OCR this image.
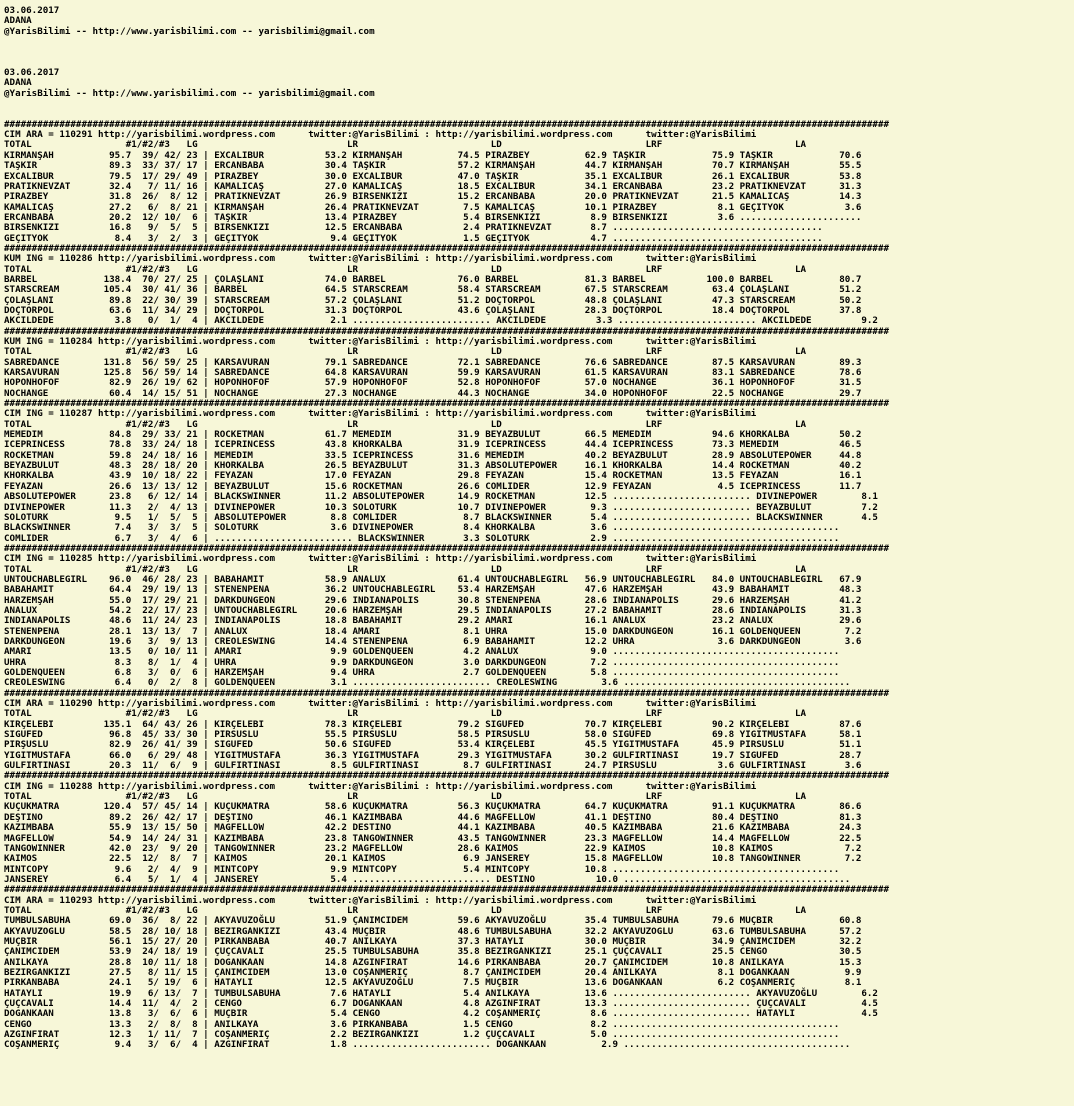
03.06.2017
ADANA
@YarisBilimi -- http://www.yarisbilimi.com -- yarisbilimi@gmail.com
03.06.2017
ADANA
@YarisBilimi -- http://www.yarisbilimi.com -- yarisbilimi@gmail.com
################################################################################################################################################################
CIM ARA = 110291 http://yarisbilimi.wordpress.com      twitter:@YarisBilimi : http://yarisbilimi.wordpress.com      twitter:@YarisBilimi
TOTAL                 #1/#2/#3   LG                           LR                        LD                          LRF                        LA
KIRMANŞAH          95.7  39/ 42/ 23 | EXCALIBUR           53.2 KIRMANŞAH          74.5 PIRAZBEY          62.9 TAŞKIR            75.9 TAŞKIR            70.6
TAŞKIR             89.3  33/ 37/ 17 | ERCANBABA           30.4 TAŞKIR             57.2 KIRMANŞAH         44.7 KIRMANŞAH         70.7 KIRMANŞAH         55.5
EXCALIBUR          79.5  17/ 29/ 49 | PIRAZBEY            30.0 EXCALIBUR          47.0 TAŞKIR            35.1 EXCALIBUR         26.1 EXCALIBUR         53.8
PRATIKNEVZAT       32.4   7/ 11/ 16 | KAMALICAŞ           27.0 KAMALICAŞ          18.5 EXCALIBUR         34.1 ERCANBABA         23.2 PRATIKNEVZAT      31.3
PIRAZBEY           31.8  26/  8/ 12 | PRATIKNEVZAT        26.9 BIRSENKIZI         15.2 ERCANBABA         20.0 PRATIKNEVZAT      21.5 KAMALICAŞ         14.3
KAMALICAŞ          27.2   6/  8/ 21 | KIRMANŞAH           26.4 PRATIKNEVZAT        7.5 KAMALICAŞ         10.1 PIRAZBEY           8.1 GEÇITYOK           3.6
ERCANBABA          20.2  12/ 10/  6 | TAŞKIR              13.4 PIRAZBEY            5.4 BIRSENKIZI         8.9 BIRSENKIZI         3.6 ......................
BIRSENKIZI         16.8   9/  5/  5 | BIRSENKIZI          12.5 ERCANBABA           2.4 PRATIKNEVZAT       8.7 ......................................
GEÇITYOK            8.4   3/  2/  3 | GEÇITYOK             9.4 GEÇITYOK            1.5 GEÇITYOK           4.7 ......................................
################################################################################################################################################################
KUM ING = 110286 http://yarisbilimi.wordpress.com      twitter:@YarisBilimi : http://yarisbilimi.wordpress.com      twitter:@YarisBilimi
TOTAL                 #1/#2/#3   LG                           LR                        LD                          LRF                        LA
BARBEL            138.4  70/ 27/ 25 | ÇOLAŞLANI           74.0 BARBEL             76.0 BARBEL            81.3 BARBEL           100.0 BARBEL            80.7
STARSCREAM        105.4  30/ 41/ 36 | BARBEL              64.5 STARSCREAM         58.4 STARSCREAM        67.5 STARSCREAM        63.4 ÇOLAŞLANI         51.2
ÇOLAŞLANI          89.8  22/ 30/ 39 | STARSCREAM          57.2 ÇOLAŞLANI          51.2 DOÇTORPOL         48.8 ÇOLAŞLANI         47.3 STARSCREAM        50.2
DOÇTORPOL          63.6  11/ 34/ 29 | DOÇTORPOL           31.3 DOÇTORPOL          43.6 ÇOLAŞLANI         28.3 DOÇTORPOL         18.4 DOÇTORPOL         37.8
AKCILDEDE           3.8   0/  1/  4 | AKCILDEDE            2.1 ......................... AKCILDEDE         3.3 ......................... AKCILDEDE         9.2
################################################################################################################################################################
KUM ING = 110284 http://yarisbilimi.wordpress.com      twitter:@YarisBilimi : http://yarisbilimi.wordpress.com      twitter:@YarisBilimi
TOTAL                 #1/#2/#3   LG                           LR                        LD                          LRF                        LA
SABREDANCE        131.8  56/ 59/ 25 | KARSAVURAN          79.1 SABREDANCE         72.1 SABREDANCE        76.6 SABREDANCE        87.5 KARSAVURAN        89.3
KARSAVURAN        125.8  56/ 59/ 14 | SABREDANCE          64.8 KARSAVURAN         59.9 KARSAVURAN        61.5 KARSAVURAN        83.1 SABREDANCE        78.6
HOPONHOFOF         82.9  26/ 19/ 62 | HOPONHOFOF          57.9 HOPONHOFOF         52.8 HOPONHOFOF        57.0 NOCHANGE          36.1 HOPONHOFOF        31.5
NOCHANGE           60.4  14/ 15/ 51 | NOCHANGE            27.3 NOCHANGE           44.3 NOCHANGE          34.0 HOPONHOFOF        22.5 NOCHANGE          29.7
################################################################################################################################################################
CIM ING = 110287 http://yarisbilimi.wordpress.com      twitter:@YarisBilimi : http://yarisbilimi.wordpress.com      twitter:@YarisBilimi
TOTAL                 #1/#2/#3   LG                           LR                        LD                          LRF                        LA
MEMEDIM            84.8  29/ 33/ 21 | ROCKETMAN           61.7 MEMEDIM            31.9 BEYAZBULUT        66.5 MEMEDIM           94.6 KHORKALBA         50.2
ICEPRINCESS        78.8  33/ 24/ 18 | ICEPRINCESS         43.8 KHORKALBA          31.9 ICEPRINCESS       44.4 ICEPRINCESS       73.3 MEMEDIM           46.5
ROCKETMAN          59.8  24/ 18/ 16 | MEMEDIM             33.5 ICEPRINCESS        31.6 MEMEDIM           40.2 BEYAZBULUT        28.9 ABSOLUTEPOWER     44.8
BEYAZBULUT         48.3  28/ 18/ 20 | KHORKALBA           26.5 BEYAZBULUT         31.3 ABSOLUTEPOWER     16.1 KHORKALBA         14.4 ROCKETMAN         40.2
KHORKALBA          43.9  10/ 18/ 22 | FEYAZAN             17.0 FEYAZAN            29.8 FEYAZAN           15.4 ROCKETMAN         13.5 FEYAZAN           16.1
FEYAZAN            26.6  13/ 13/ 12 | BEYAZBULUT          15.6 ROCKETMAN          26.6 COMLIDER          12.9 FEYAZAN            4.5 ICEPRINCESS       11.7
ABSOLUTEPOWER      23.8   6/ 12/ 14 | BLACKSWINNER        11.2 ABSOLUTEPOWER      14.9 ROCKETMAN         12.5 ......................... DIVINEPOWER        8.1
DIVINEPOWER        11.3   2/  4/ 13 | DIVINEPOWER         10.3 SOLOTURK           10.7 DIVINEPOWER        9.3 ......................... BEYAZBULUT         7.2
SOLOTURK            9.5   1/  5/  5 | ABSOLUTEPOWER        8.8 COMLIDER            8.7 BLACKSWINNER       5.4 ......................... BLACKSWINNER       4.5
BLACKSWINNER        7.4   3/  3/  5 | SOLOTURK             3.6 DIVINEPOWER         8.4 KHORKALBA          3.6 .........................................
COMLIDER            6.7   3/  4/  6 | ......................... BLACKSWINNER       3.3 SOLOTURK           2.9 .........................................
################################################################################################################################################################
CIM ING = 110285 http://yarisbilimi.wordpress.com      twitter:@YarisBilimi : http://yarisbilimi.wordpress.com      twitter:@YarisBilimi
TOTAL                 #1/#2/#3   LG                           LR                        LD                          LRF                        LA
UNTOUCHABLEGIRL    96.0  46/ 28/ 23 | BABAHAMIT           58.9 ANALUX             61.4 UNTOUCHABLEGIRL   56.9 UNTOUCHABLEGIRL   84.0 UNTOUCHABLEGIRL   67.9
BABAHAMIT          64.4  29/ 19/ 13 | STENENPENA          36.2 UNTOUCHABLEGIRL    53.4 HARZEMŞAH         47.6 HARZEMŞAH         43.9 BABAHAMIT         48.3
HARZEMŞAH          55.0  17/ 29/ 21 | DARKDUNGEON         29.6 INDIANAPOLIS       30.8 STENENPENA        28.6 INDIANAPOLIS      29.6 HARZEMŞAH         41.2
ANALUX             54.2  22/ 17/ 23 | UNTOUCHABLEGIRL     20.6 HARZEMŞAH          29.5 INDIANAPOLIS      27.2 BABAHAMIT         28.6 INDIANAPOLIS      31.3
INDIANAPOLIS       48.6  11/ 24/ 23 | INDIANAPOLIS        18.8 BABAHAMIT          29.2 AMARI             16.1 ANALUX            23.2 ANALUX            29.6
STENENPENA         28.1  13/ 13/  7 | ANALUX              18.4 AMARI               8.1 UHRA              15.0 DARKDUNGEON       16.1 GOLDENQUEEN        7.2
DARKDUNGEON        19.6   3/  9/ 13 | CREOLESWING         14.4 STENENPENA          6.9 BABAHAMIT         12.2 UHRA               3.6 DARKDUNGEON        3.6
AMARI              13.5   0/ 10/ 11 | AMARI                9.9 GOLDENQUEEN         4.2 ANALUX             9.0 .........................................
UHRA                8.3   8/  1/  4 | UHRA                 9.9 DARKDUNGEON         3.0 DARKDUNGEON        7.2 .........................................
GOLDENQUEEN         6.8   3/  0/  6 | HARZEMŞAH            9.4 UHRA                2.7 GOLDENQUEEN        5.8 .........................................
CREOLESWING         6.4   0/  2/  8 | GOLDENQUEEN          3.1 ......................... CREOLESWING        3.6 .........................................
################################################################################################################################################################
CIM ARA = 110290 http://yarisbilimi.wordpress.com      twitter:@YarisBilimi : http://yarisbilimi.wordpress.com      twitter:@YarisBilimi
TOTAL                 #1/#2/#3   LG                           LR                        LD                          LRF                        LA
KIRÇELEBI         135.1  64/ 43/ 26 | KIRÇELEBI           78.3 KIRÇELEBI          79.2 SIGUFED           70.7 KIRÇELEBI         90.2 KIRÇELEBI         87.6
SIGUFED            96.8  45/ 33/ 30 | PIRSUSLU            55.5 PIRSUSLU           58.5 PIRSUSLU          58.0 SIGUFED           69.8 YIGITMUSTAFA      58.1
PIRŞUSLU           82.9  26/ 41/ 39 | SIGUFED             50.6 SIGUFED            53.4 KIRÇELEBI         45.5 YIGITMUSTAFA      45.9 PIRSUSLU          51.1
YIGITMUSTAFA       66.0   6/ 29/ 48 | YIGITMUSTAFA        36.3 YIGITMUSTAFA       29.3 YIGITMUSTAFA      30.2 GULFIRTINASI      19.7 SIGUFED           28.7
GULFIRTINASI       20.3  11/  6/  9 | GULFIRTINASI         8.5 GULFIRTINASI        8.7 GULFIRTINASI      24.7 PIRSUSLU           3.6 GULFIRTINASI       3.6
################################################################################################################################################################
CIM ING = 110288 http://yarisbilimi.wordpress.com      twitter:@YarisBilimi : http://yarisbilimi.wordpress.com      twitter:@YarisBilimi
TOTAL                 #1/#2/#3   LG                           LR                        LD                          LRF                        LA
KUÇUKMATRA        120.4  57/ 45/ 14 | KUÇUKMATRA          58.6 KUÇUKMATRA         56.3 KUÇUKMATRA        64.7 KUÇUKMATRA        91.1 KUÇUKMATRA        86.6
DEŞTINO            89.2  26/ 42/ 17 | DEŞTINO             46.1 KAZIMBABA          44.6 MAGFELLOW         41.1 DEŞTINO           80.4 DEŞTINO           81.3
KAZIMBABA          55.9  13/ 15/ 50 | MAGFELLOW           42.2 DESTINO            44.1 KAZIMBABA         40.5 KAZIMBABA         21.6 KAZIMBABA         24.3
MAGFELLOW          54.9  14/ 24/ 31 | KAZIMBABA           23.8 TANGOWINNER        43.5 TANGOWINNER       23.3 MAGFELLOW         14.4 MAGFELLOW         22.5
TANGOWINNER        42.0  23/  9/ 20 | TANGOWINNER         23.2 MAGFELLOW          28.6 KAIMOS            22.9 KAIMOS            10.8 KAIMOS             7.2
KAIMOS             22.5  12/  8/  7 | KAIMOS              20.1 KAIMOS              6.9 JANSEREY          15.8 MAGFELLOW         10.8 TANGOWINNER        7.2
MINTCOPY            9.6   2/  4/  9 | MINTCOPY             9.9 MINTCOPY            5.4 MINTCOPY          10.8 .........................................
JANSEREY            6.4   5/  1/  4 | JANSEREY             5.4 ......................... DESTINO           10.0 .........................................
################################################################################################################################################################
CIM ARA = 110293 http://yarisbilimi.wordpress.com      twitter:@YarisBilimi : http://yarisbilimi.wordpress.com      twitter:@YarisBilimi
TOTAL                 #1/#2/#3   LG                           LR                        LD                          LRF                        LA
TUMBULSABUHA       69.0  36/  8/ 22 | AKYAVUZOĞLU         51.9 ÇANIMCIDEM         59.6 AKYAVUZOĞLU       35.4 TUMBULSABUHA      79.6 MUÇBIR            60.8
AKYAVUZOGLU        58.5  28/ 10/ 18 | BEZIRGANKIZI        43.4 MUÇBIR             48.6 TUMBULSABUHA      32.2 AKYAVUZOGLU       63.6 TUMBULSABUHA      57.2
MUÇBIR             56.1  15/ 27/ 20 | PIRKANBABA          40.7 ANILKAYA           37.3 HATAYLI           30.0 MUÇBIR            34.9 ÇANIMCIDEM        32.2
ÇANIMCIDEM         53.9  24/ 18/ 19 | ÇUÇCAVALI           25.5 TUMBULSABUHA       35.8 BEZIRGANKIZI      25.1 ÇUÇCAVALI         25.5 CENGO             30.5
ANILKAYA           28.8  10/ 11/ 18 | DOGANKAAN           14.8 AZGINFIRAT         14.6 PIRKANBABA        20.7 ÇANIMCIDEM        10.8 ANILKAYA          15.3
BEZIRGANKIZI       27.5   8/ 11/ 15 | ÇANIMCIDEM          13.0 COŞANMERIÇ          8.7 ÇANIMCIDEM        20.4 ANILKAYA           8.1 DOGANKAAN          9.9
PIRKANBABA         24.1   5/ 19/  6 | HATAYLI             12.5 AKYAVUZOĞLU         7.5 MUÇBIR            13.6 DOGANKAAN          6.2 COŞANMERIÇ         8.1
HATAYLI            19.9   6/ 13/  7 | TUMBULSABUHA         7.6 HATAYLI             5.4 ANILKAYA          13.6 ......................... AKYAVUZOĞLU        6.2
ÇUÇCAVALI          14.4  11/  4/  2 | CENGO                6.7 DOGANKAAN           4.8 AZGINFIRAT        13.3 ......................... ÇUÇCAVALI          4.5
DOGANKAAN          13.8   3/  6/  6 | MUÇBIR               5.4 CENGO               4.2 COŞANMERIÇ         8.6 ......................... HATAYLI            4.5
CENGO              13.3   2/  8/  8 | ANILKAYA             3.6 PIRKANBABA          1.5 CENGO              8.2 .........................................
AZGINFIRAT         12.3   1/ 11/  7 | COŞANMERIÇ           2.2 BEZIRGANKIZI        1.2 ÇUÇCAVALI          5.0 .........................................
COŞANMERIÇ          9.4   3/  6/  4 | AZGINFIRAT           1.8 ......................... DOGANKAAN          2.9 .........................................
